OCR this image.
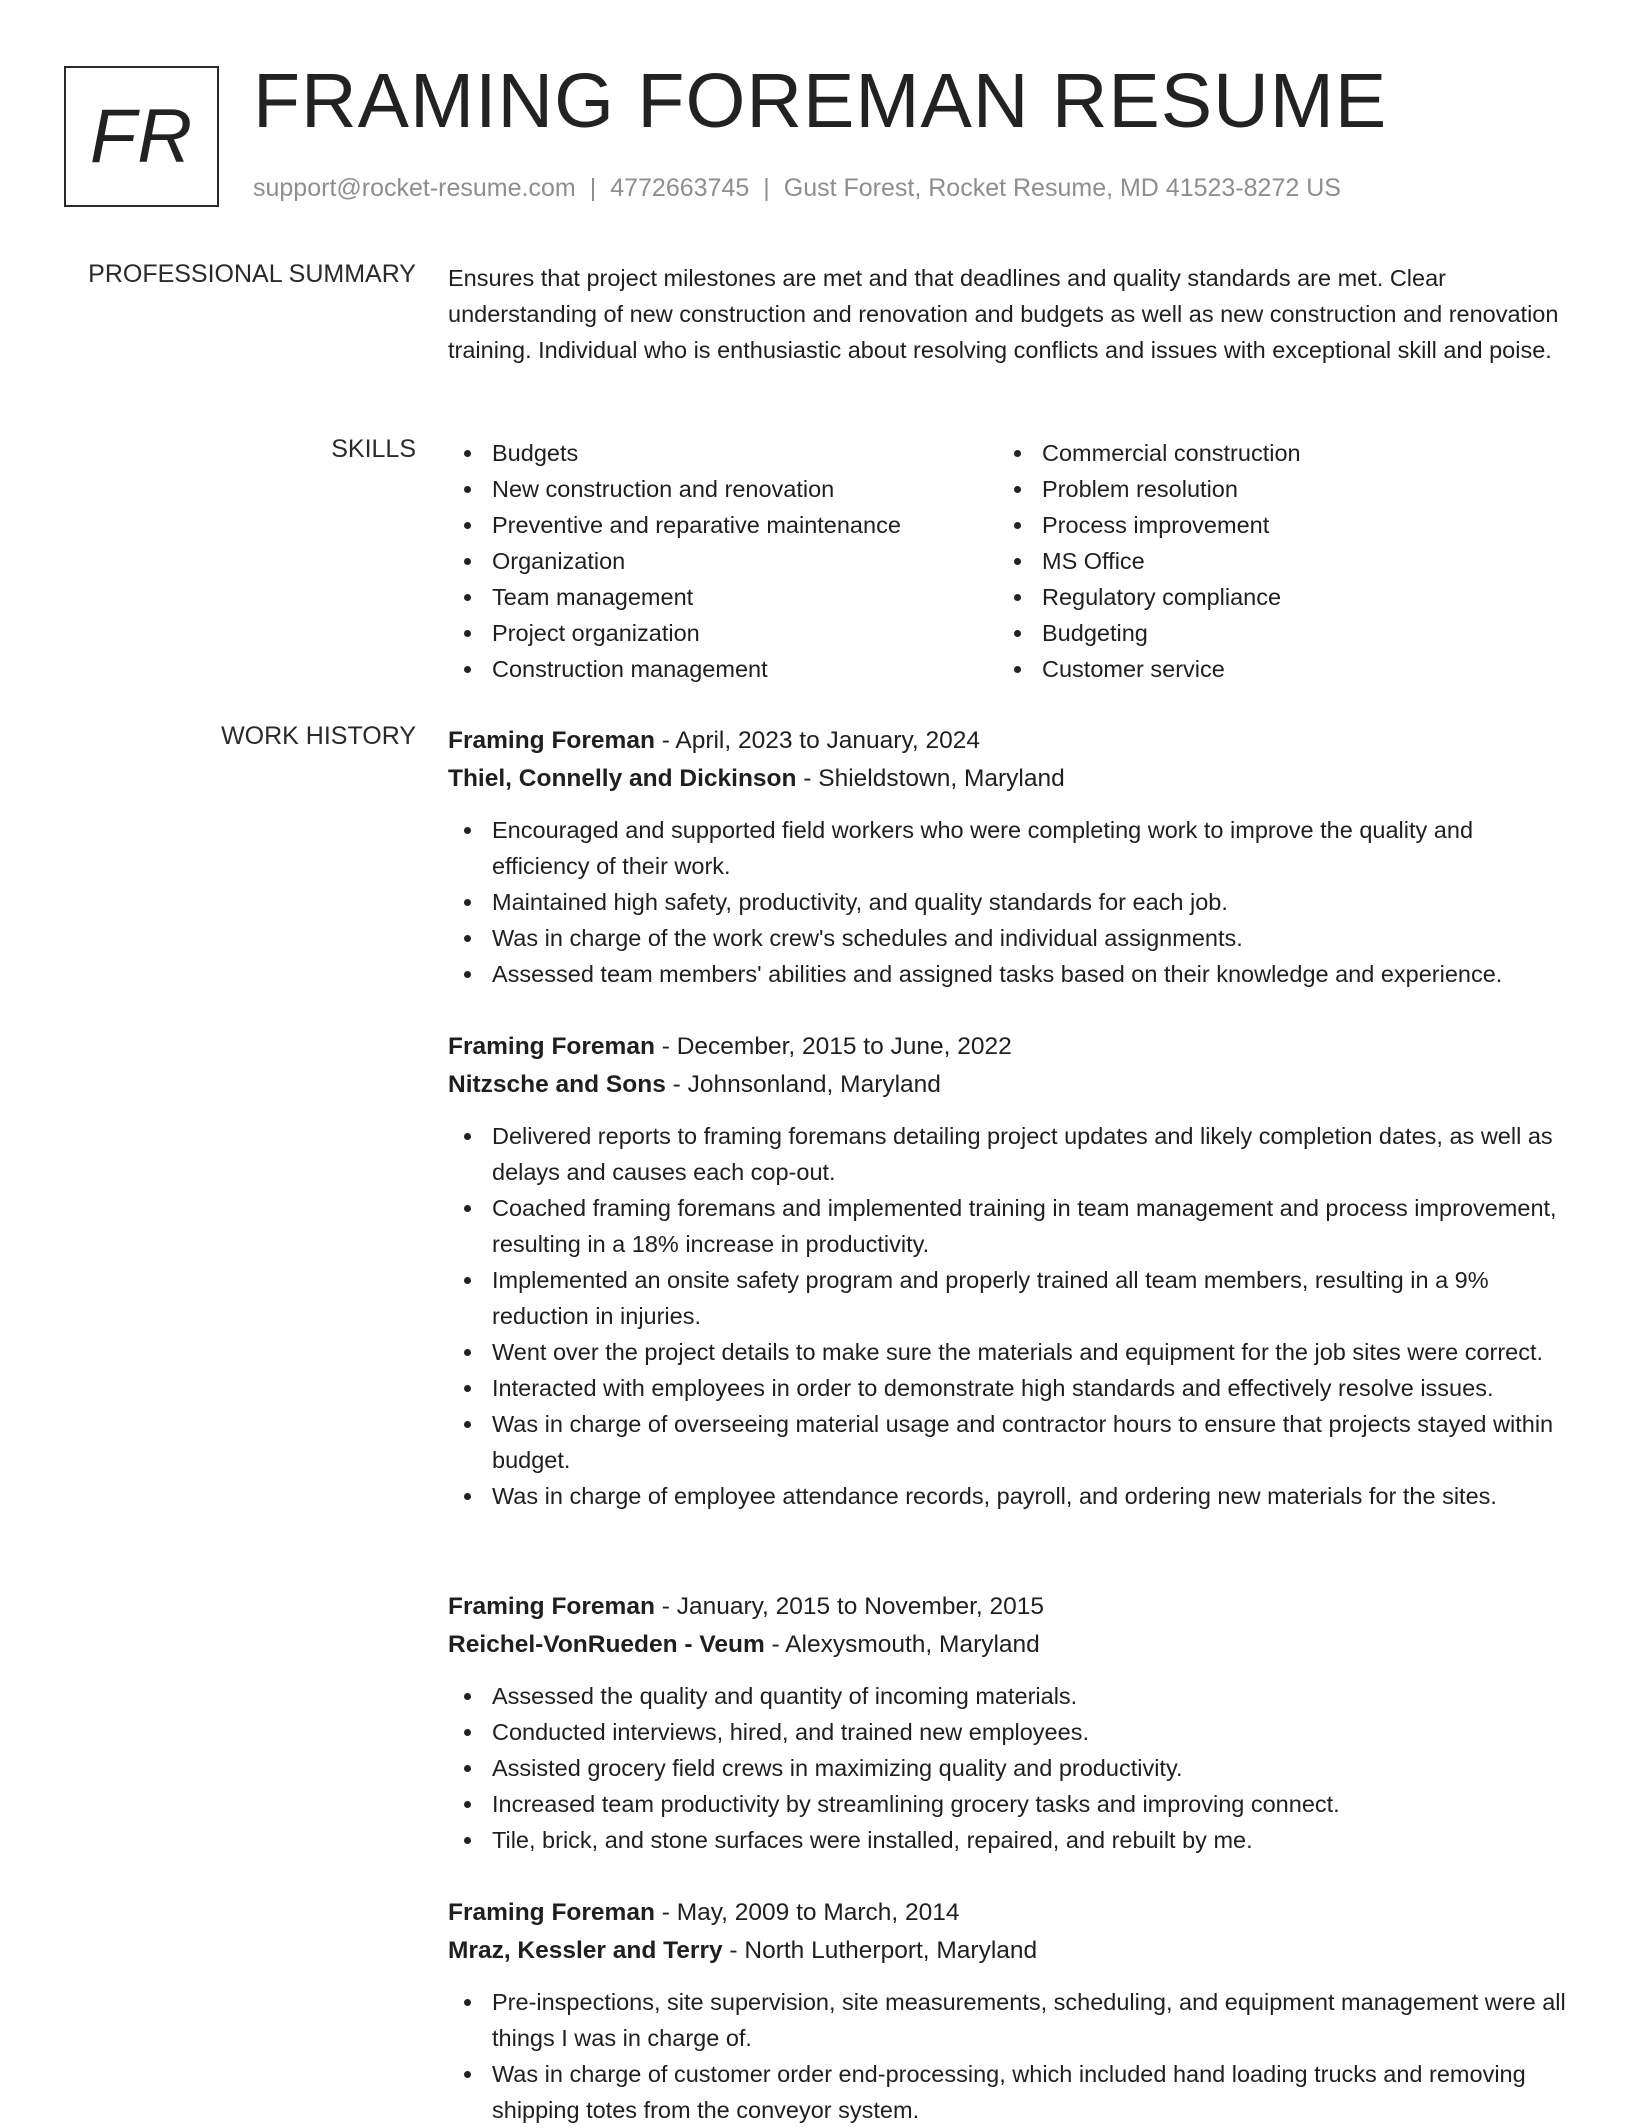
FR FRAMING FOREMAN RESUME
support@rocket-resume.com | 4772663745 | Gust Forest, Rocket Resume, MD 41523-8272 US
PROFESSIONAL SUMMARY Ensures that project milestones are met and that deadlines and quality standards are met. Clear understanding of new construction and renovation and budgets as well as new construction and renovation training. Individual who is enthusiastic about resolving conflicts and issues with exceptional skill and poise.

SKILLS	Budgets
New construction and renovation
Preventive and reparative maintenance
Organization
Team management
Project organization
Construction management
Commercial construction
Problem resolution
Process improvement
MS Office
Regulatory compliance
Budgeting
Customer service
WORK HISTORY Framing Foreman - April, 2023 to January, 2024
Thiel, Connelly and Dickinson - Shieldstown, Maryland
Encouraged and supported field workers who were completing work to improve the quality and efficiency of their work.
Maintained high safety, productivity, and quality standards for each job.
Was in charge of the work crew's schedules and individual assignments.
Assessed team members' abilities and assigned tasks based on their knowledge and experience.
Framing Foreman - December, 2015 to June, 2022
Nitzsche and Sons - Johnsonland, Maryland
Delivered reports to framing foremans detailing project updates and likely completion dates, as well as delays and causes each cop-out.
Coached framing foremans and implemented training in team management and process improvement, resulting in a 18% increase in productivity.
Implemented an onsite safety program and properly trained all team members, resulting in a 9% reduction in injuries.
Went over the project details to make sure the materials and equipment for the job sites were correct.
Interacted with employees in order to demonstrate high standards and effectively resolve issues.
Was in charge of overseeing material usage and contractor hours to ensure that projects stayed within budget.
Was in charge of employee attendance records, payroll, and ordering new materials for the sites.
Framing Foreman - January, 2015 to November, 2015
Reichel-VonRueden - Veum - Alexysmouth, Maryland
Assessed the quality and quantity of incoming materials.
Conducted interviews, hired, and trained new employees.
Assisted grocery field crews in maximizing quality and productivity.
Increased team productivity by streamlining grocery tasks and improving connect.
Tile, brick, and stone surfaces were installed, repaired, and rebuilt by me.
Framing Foreman - May, 2009 to March, 2014
Mraz, Kessler and Terry - North Lutherport, Maryland
Pre-inspections, site supervision, site measurements, scheduling, and equipment management were all things I was in charge of.
Was in charge of customer order end-processing, which included hand loading trucks and removing shipping totes from the conveyor system.
